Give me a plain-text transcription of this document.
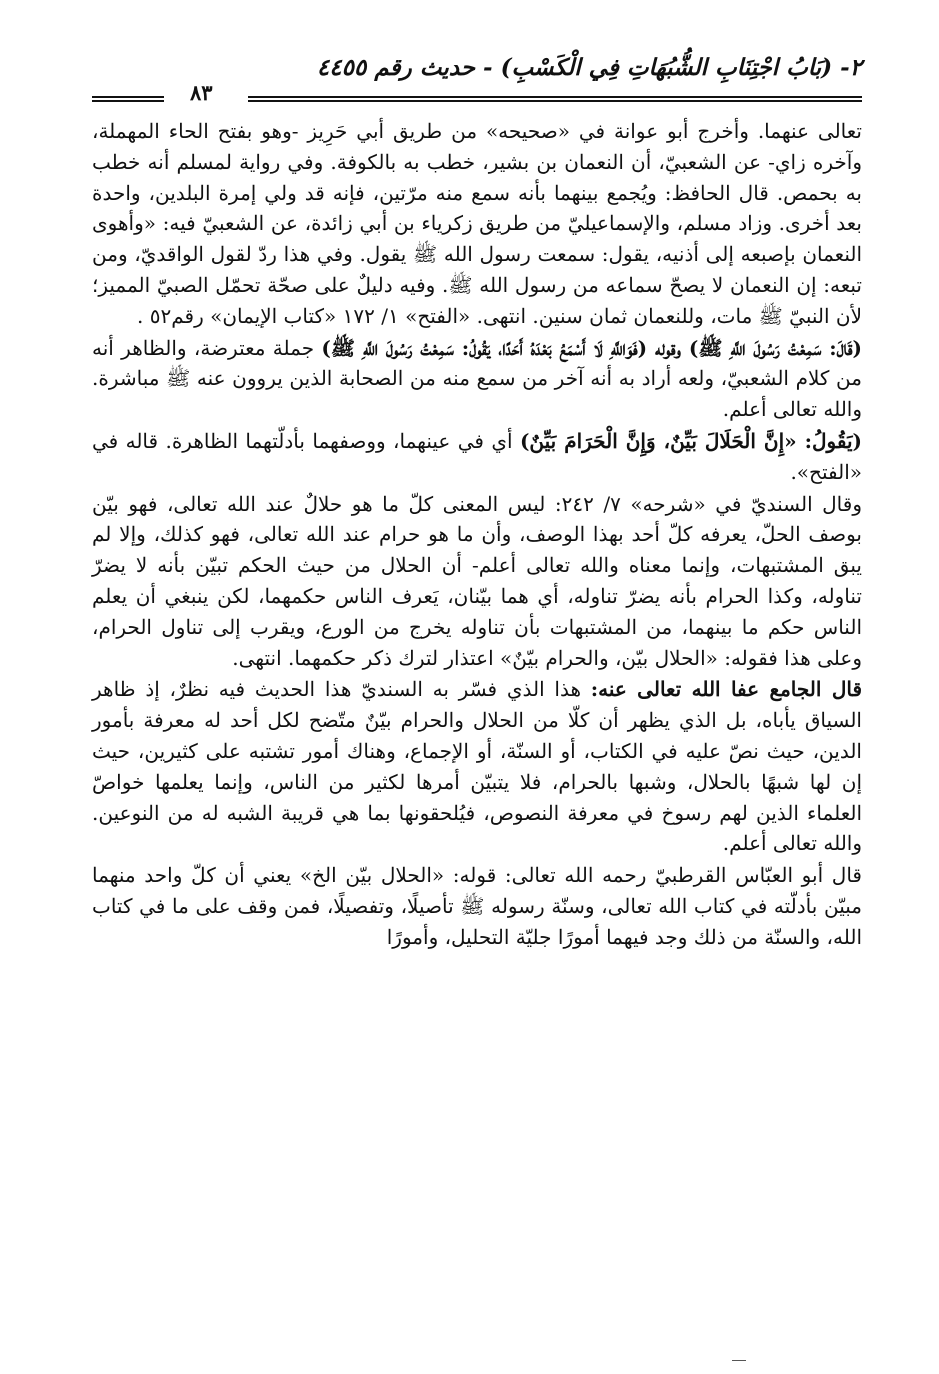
٢- (بَابُ اجْتِنَابِ الشُّبُهَاتِ فِي الْكَسْبِ) - حديث رقم ٤٤٥٥
٨٣

تعالى عنهما. وأخرج أبو عوانة في «صحيحه» من طريق أبي حَرِيز -وهو بفتح الحاء المهملة، وآخره زاي- عن الشعبيّ، أن النعمان بن بشير، خطب به بالكوفة. وفي رواية لمسلم أنه خطب به بحمص. قال الحافظ: ويُجمع بينهما بأنه سمع منه مرّتين، فإنه قد ولي إمرة البلدين، واحدة بعد أخرى. وزاد مسلم، والإسماعيليّ من طريق زكرياء بن أبي زائدة، عن الشعبيّ فيه: «وأهوى النعمان بإصبعه إلى أذنيه، يقول: سمعت رسول الله ﷺ يقول. وفي هذا ردّ لقول الواقديّ، ومن تبعه: إن النعمان لا يصحّ سماعه من رسول الله ﷺ. وفيه دليلٌ على صحّة تحمّل الصبيّ المميز؛ لأن النبيّ ﷺ مات، وللنعمان ثمان سنين. انتهى. «الفتح» ١/ ١٧٢ «كتاب الإيمان» رقم٥٢ .

(قَالَ: سَمِعْتُ رَسُولَ اللَّهِ ﷺ) وقوله (فَوَاللَّهِ لَا أَسْمَعُ بَعْدَهُ أَحَدًا، يَقُولُ: سَمِعْتُ رَسُولَ اللَّهِ ﷺ) جملة معترضة، والظاهر أنه من كلام الشعبيّ، ولعه أراد به أنه آخر من سمع منه من الصحابة الذين يروون عنه ﷺ مباشرة. والله تعالى أعلم.

(يَقُولُ: «إِنَّ الْحَلَالَ بَيِّنٌ، وَإِنَّ الْحَرَامَ بَيِّنٌ) أي في عينهما، ووصفهما بأدلّتهما الظاهرة. قاله في «الفتح».

وقال السنديّ في «شرحه» ٧/ ٢٤٢: ليس المعنى كلّ ما هو حلالٌ عند الله تعالى، فهو بيّن بوصف الحلّ، يعرفه كلّ أحد بهذا الوصف، وأن ما هو حرام عند الله تعالى، فهو كذلك، وإلا لم يبق المشتبهات، وإنما معناه والله تعالى أعلم- أن الحلال من حيث الحكم تبيّن بأنه لا يضرّ تناوله، وكذا الحرام بأنه يضرّ تناوله، أي هما بيّنان، يَعرف الناس حكمهما، لكن ينبغي أن يعلم الناس حكم ما بينهما، من المشتبهات بأن تناوله يخرج من الورع، ويقرب إلى تناول الحرام، وعلى هذا فقوله: «الحلال بيّن، والحرام بيّنٌ» اعتذار لترك ذكر حكمهما. انتهى.

قال الجامع عفا الله تعالى عنه: هذا الذي فسّر به السنديّ هذا الحديث فيه نظرٌ، إذ ظاهر السياق يأباه، بل الذي يظهر أن كلّا من الحلال والحرام بيّنٌ متّضح لكل أحد له معرفة بأمور الدين، حيث نصّ عليه في الكتاب، أو السنّة، أو الإجماع، وهناك أمور تشتبه على كثيرين، حيث إن لها شبهًا بالحلال، وشبها بالحرام، فلا يتبيّن أمرها لكثير من الناس، وإنما يعلمها خواصّ العلماء الذين لهم رسوخ في معرفة النصوص، فيُلحقونها بما هي قريبة الشبه له من النوعين. والله تعالى أعلم.

قال أبو العبّاس القرطبيّ رحمه الله تعالى: قوله: «الحلال بيّن الخ» يعني أن كلّ واحد منهما مبيّن بأدلّته في كتاب الله تعالى، وسنّة رسوله ﷺ تأصيلًا، وتفصيلًا، فمن وقف على ما في كتاب الله، والسنّة من ذلك وجد فيهما أمورًا جليّة التحليل، وأمورًا
